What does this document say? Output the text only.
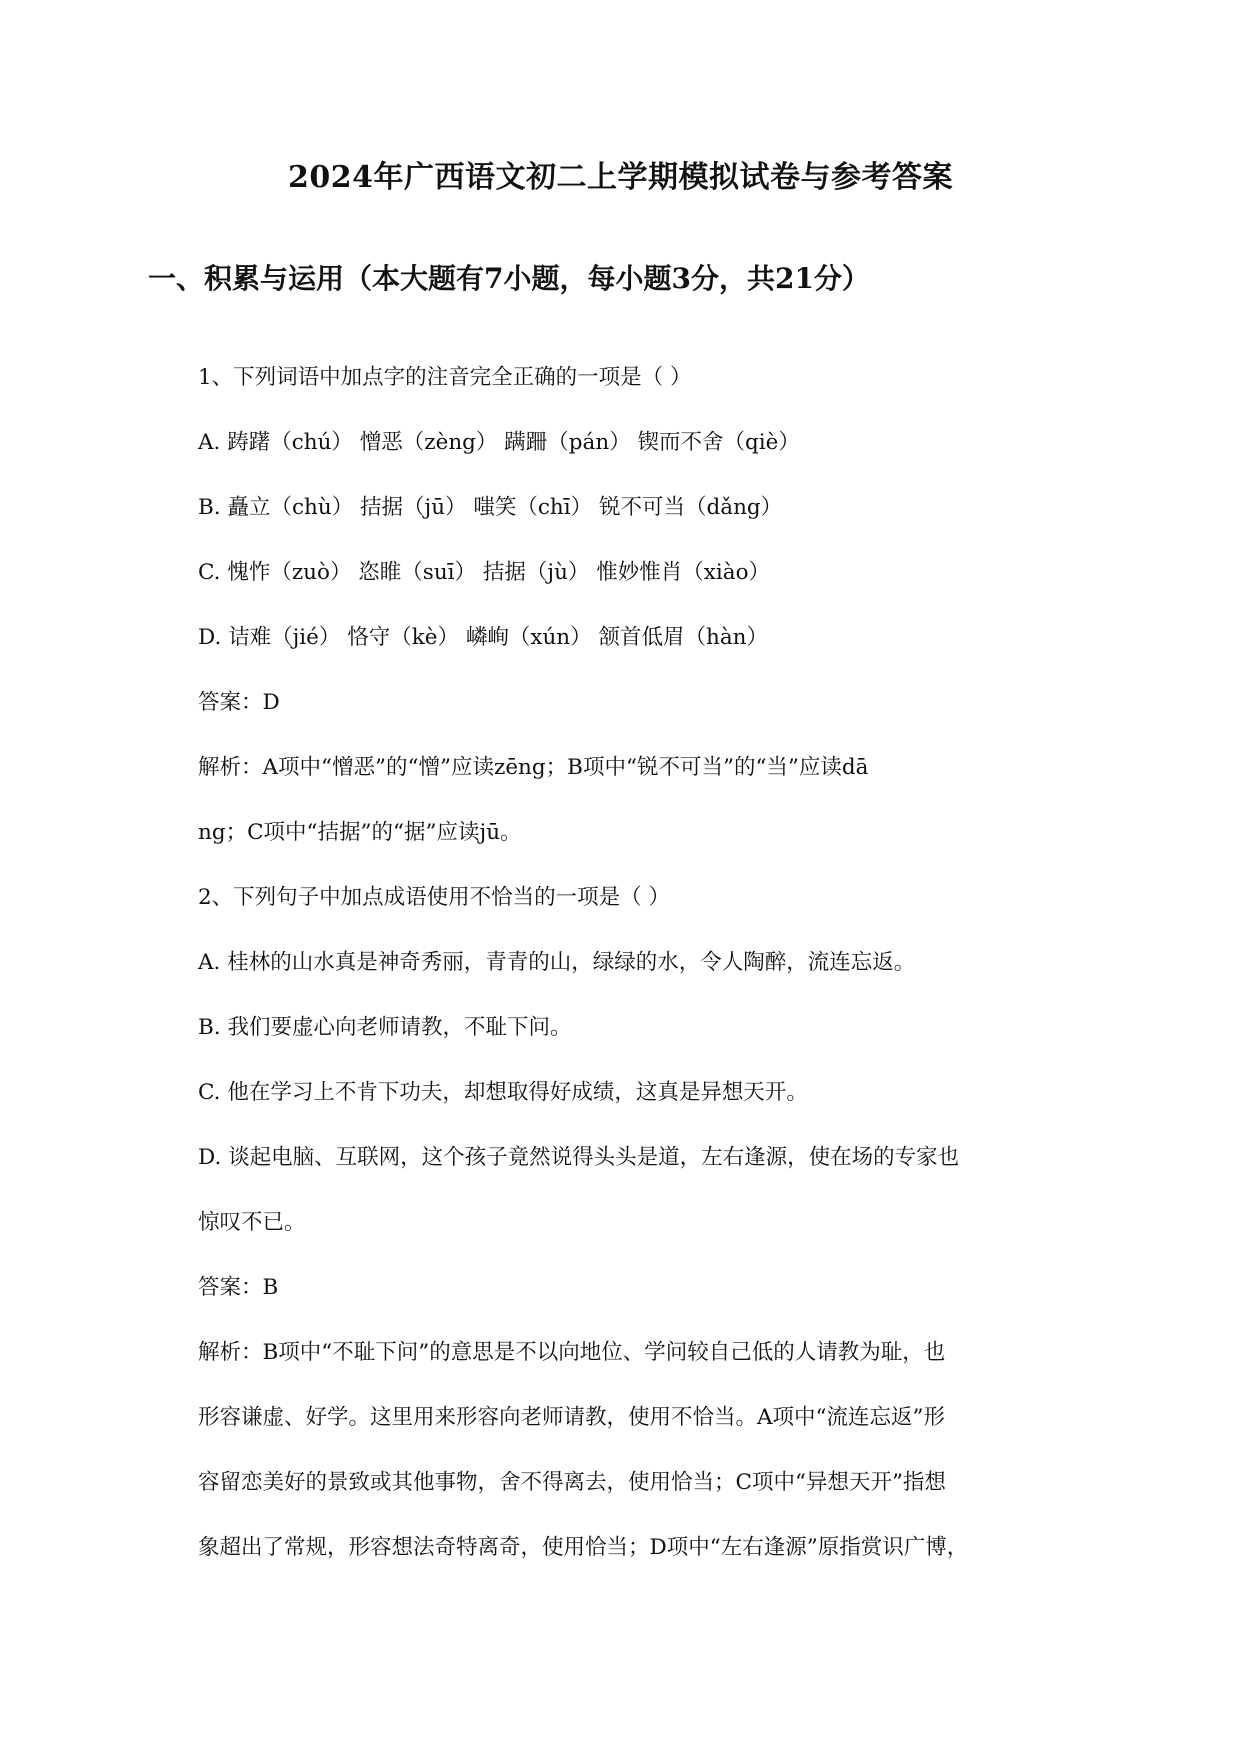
2024年广西语文初二上学期模拟试卷与参考答案
一、积累与运用（本大题有7小题，每小题3分，共21分）
1、下列词语中加点字的注音完全正确的一项是（ ）
A. 踌躇（chú） 憎恶（zèng） 蹒跚（pán） 锲而不舍（qiè）
B. 矗立（chù） 拮据（jū） 嗤笑（chī） 锐不可当（dǎng）
C. 愧怍（zuò） 恣睢（suī） 拮据（jù） 惟妙惟肖（xiào）
D. 诘难（jié） 恪守（kè） 嶙峋（xún） 颔首低眉（hàn）
答案：D
解析：A项中“憎恶”的“憎”应读zēng；B项中“锐不可当”的“当”应读dā
ng；C项中“拮据”的“据”应读jū。
2、下列句子中加点成语使用不恰当的一项是（ ）
A. 桂林的山水真是神奇秀丽，青青的山，绿绿的水，令人陶醉，流连忘返。
B. 我们要虚心向老师请教，不耻下问。
C. 他在学习上不肯下功夫，却想取得好成绩，这真是异想天开。
D. 谈起电脑、互联网，这个孩子竟然说得头头是道，左右逢源，使在场的专家也
惊叹不已。
答案：B
解析：B项中“不耻下问”的意思是不以向地位、学问较自己低的人请教为耻，也
形容谦虚、好学。这里用来形容向老师请教，使用不恰当。A项中“流连忘返”形
容留恋美好的景致或其他事物，舍不得离去，使用恰当；C项中“异想天开”指想
象超出了常规，形容想法奇特离奇，使用恰当；D项中“左右逢源”原指赏识广博，
